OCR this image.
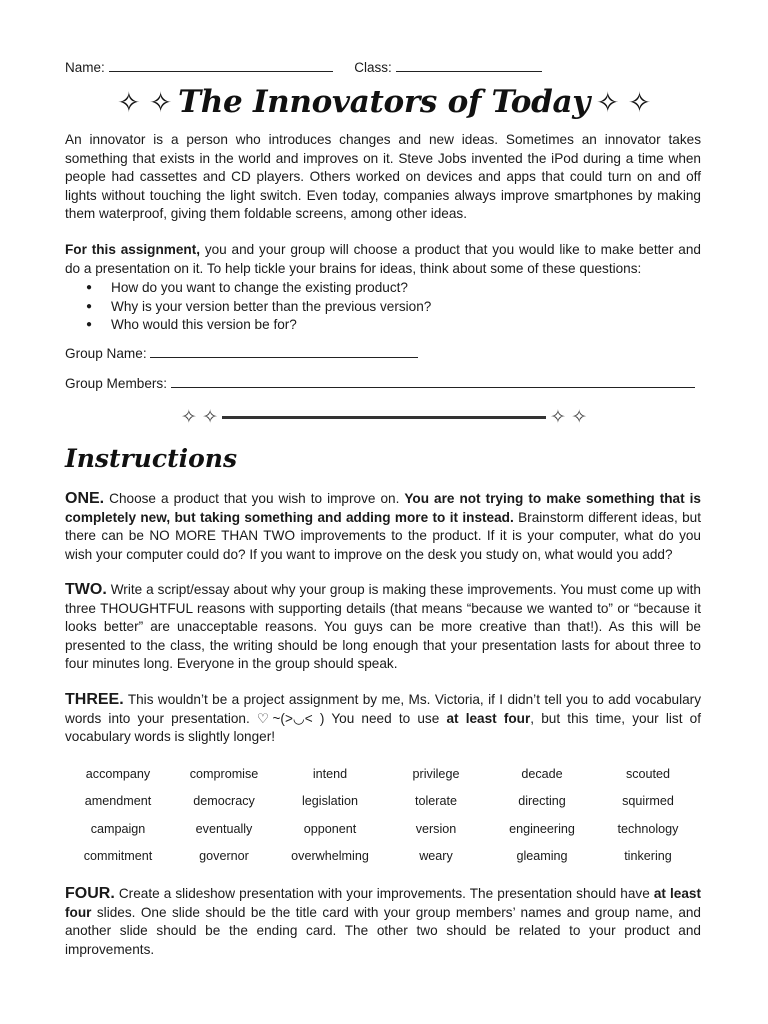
Name:	Class:
✧ ✧ The Innovators of Today ✧ ✧
An innovator is a person who introduces changes and new ideas. Sometimes an innovator takes something that exists in the world and improves on it. Steve Jobs invented the iPod during a time when people had cassettes and CD players. Others worked on devices and apps that could turn on and off lights without touching the light switch. Even today, companies always improve smartphones by making them waterproof, giving them foldable screens, among other ideas.
For this assignment, you and your group will choose a product that you would like to make better and do a presentation on it. To help tickle your brains for ideas, think about some of these questions:
● How do you want to change the existing product?
● Why is your version better than the previous version?
● Who would this version be for?
Group Name:
Group Members:
✧ ✧	✧ ✧
Instructions
ONE. Choose a product that you wish to improve on. You are not trying to make something that is completely new, but taking something and adding more to it instead. Brainstorm different ideas, but there can be NO MORE THAN TWO improvements to the product. If it is your computer, what do you wish your computer could do? If you want to improve on the desk you study on, what would you add?
TWO. Write a script/essay about why your group is making these improvements. You must come up with three THOUGHTFUL reasons with supporting details (that means “because we wanted to” or “because it looks better” are unacceptable reasons. You guys can be more creative than that!). As this will be presented to the class, the writing should be long enough that your presentation lasts for about three to four minutes long. Everyone in the group should speak.
THREE. This wouldn’t be a project assignment by me, Ms. Victoria, if I didn’t tell you to add vocabulary words into your presentation. ♡~(>◡< ) You need to use at least four, but this time, your list of vocabulary words is slightly longer!
accompany	compromise	intend	privilege	decade	scouted
amendment	democracy	legislation	tolerate	directing	squirmed
campaign	eventually	opponent	version	engineering	technology
commitment	governor	overwhelming	weary	gleaming	tinkering
FOUR. Create a slideshow presentation with your improvements. The presentation should have at least four slides. One slide should be the title card with your group members’ names and group name, and another slide should be the ending card. The other two should be related to your product and improvements.
